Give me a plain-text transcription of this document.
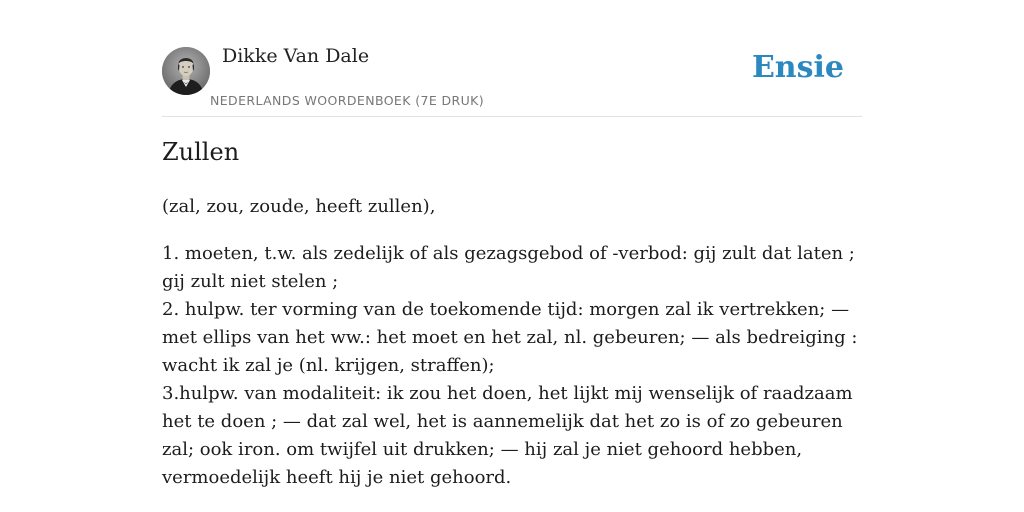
Dikke Van Dale
NEDERLANDS WOORDENBOEK (7E DRUK)
Ensie
Zullen
(zal, zou, zoude, heeft zullen),

1. moeten, t.w. als zedelijk of als gezagsgebod of -verbod: gij zult dat laten ; gij zult niet stelen ;

2. hulpw. ter vorming van de toekomende tijd: morgen zal ik vertrekken; — met ellips van het ww.: het moet en het zal, nl. gebeuren; — als bedreiging : wacht ik zal je (nl. krijgen, straffen);

3.hulpw. van modaliteit: ik zou het doen, het lijkt mij wenselijk of raadzaam het te doen ; — dat zal wel, het is aannemelijk dat het zo is of zo gebeuren zal; ook iron. om twijfel uit drukken; — hij zal je niet gehoord hebben, vermoedelijk heeft hij je niet gehoord.
